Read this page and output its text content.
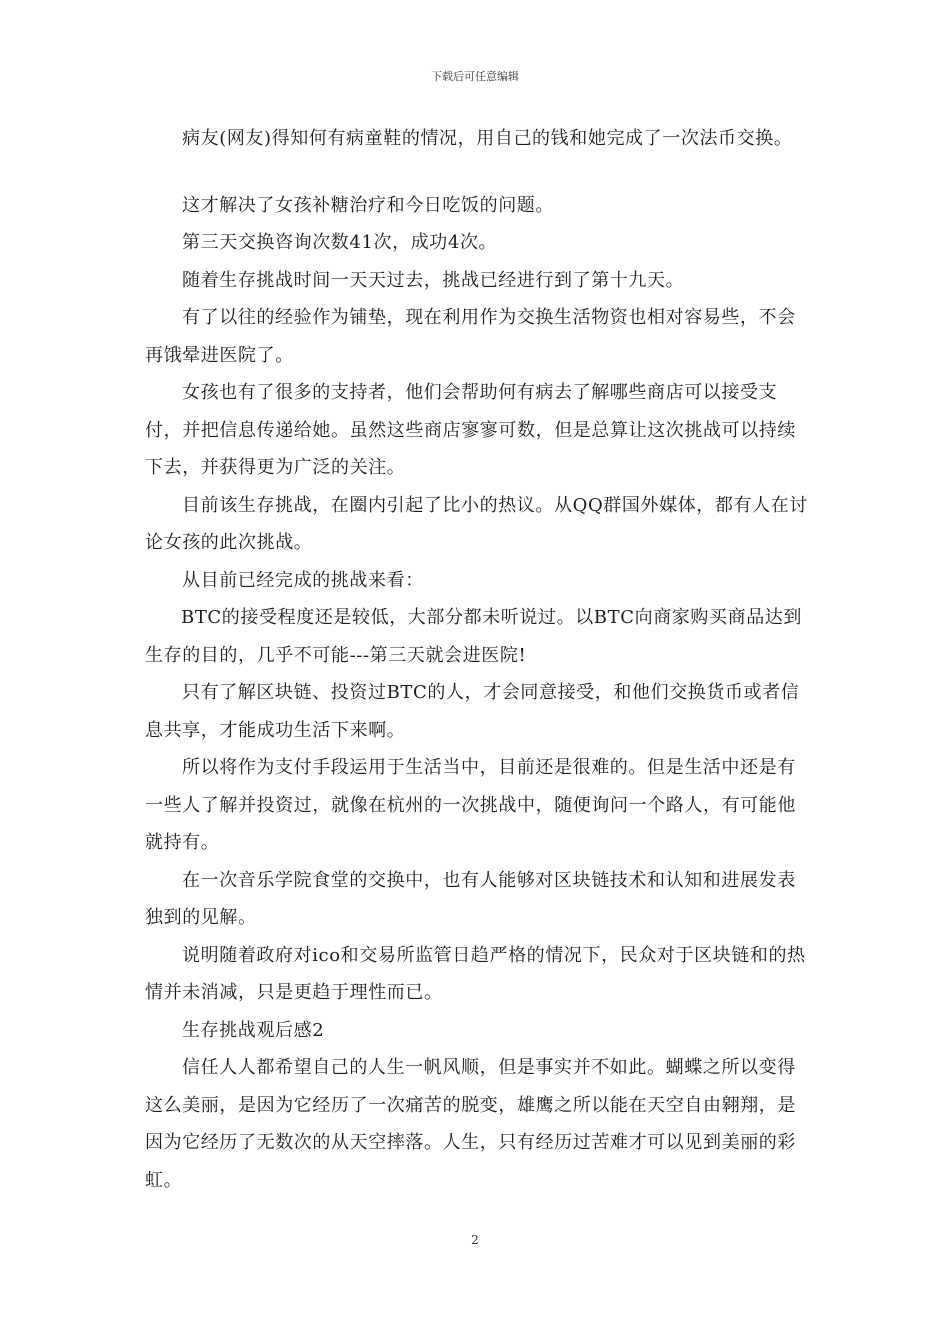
下载后可任意编辑

病友(网友)得知何有病童鞋的情况，用自己的钱和她完成了一次法币交换。

这才解决了女孩补糖治疗和今日吃饭的问题。

第三天交换咨询次数41次，成功4次。

随着生存挑战时间一天天过去，挑战已经进行到了第十九天。

有了以往的经验作为铺垫，现在利用作为交换生活物资也相对容易些，不会再饿晕进医院了。

女孩也有了很多的支持者，他们会帮助何有病去了解哪些商店可以接受支付，并把信息传递给她。虽然这些商店寥寥可数，但是总算让这次挑战可以持续下去，并获得更为广泛的关注。

目前该生存挑战，在圈内引起了比小的热议。从QQ群国外媒体，都有人在讨论女孩的此次挑战。

从目前已经完成的挑战来看：

BTC的接受程度还是较低，大部分都未听说过。以BTC向商家购买商品达到生存的目的，几乎不可能---第三天就会进医院!

只有了解区块链、投资过BTC的人，才会同意接受，和他们交换货币或者信息共享，才能成功生活下来啊。

所以将作为支付手段运用于生活当中，目前还是很难的。但是生活中还是有一些人了解并投资过，就像在杭州的一次挑战中，随便询问一个路人，有可能他就持有。

在一次音乐学院食堂的交换中，也有人能够对区块链技术和认知和进展发表独到的见解。

说明随着政府对ico和交易所监管日趋严格的情况下，民众对于区块链和的热情并未消减，只是更趋于理性而已。

生存挑战观后感2

信任人人都希望自己的人生一帆风顺，但是事实并不如此。蝴蝶之所以变得这么美丽，是因为它经历了一次痛苦的脱变，雄鹰之所以能在天空自由翱翔，是因为它经历了无数次的从天空摔落。人生，只有经历过苦难才可以见到美丽的彩虹。

2
